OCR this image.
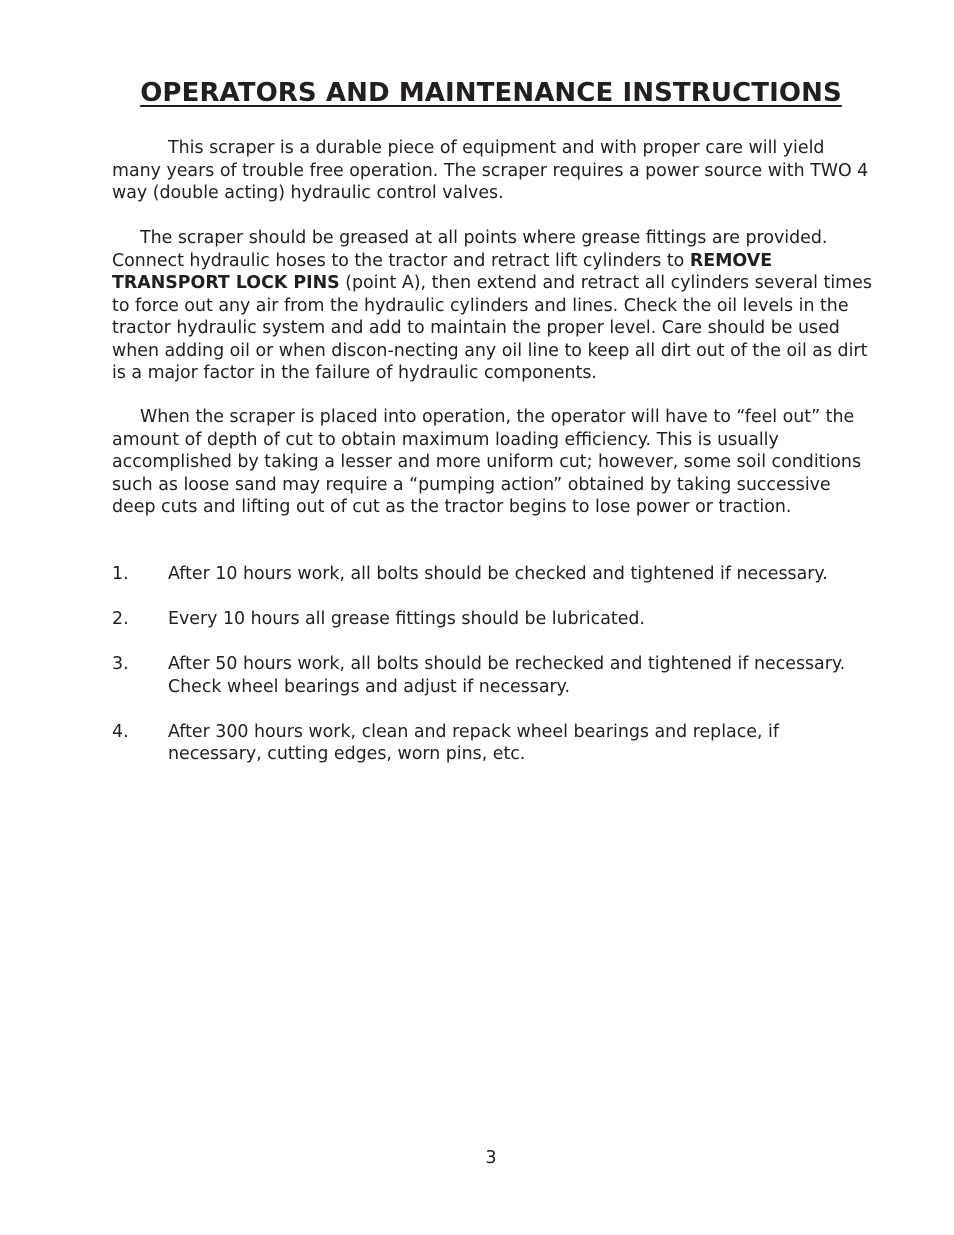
OPERATORS AND MAINTENANCE INSTRUCTIONS

This scraper is a durable piece of equipment and with proper care will yield many years of trouble free operation. The scraper requires a power source with TWO 4 way (double acting) hydraulic control valves.

The scraper should be greased at all points where grease fittings are provided. Connect hydraulic hoses to the tractor and retract lift cylinders to REMOVE TRANSPORT LOCK PINS (point A), then extend and retract all cylinders several times to force out any air from the hydraulic cylinders and lines. Check the oil levels in the tractor hydraulic system and add to maintain the proper level. Care should be used when adding oil or when discon-necting any oil line to keep all dirt out of the oil as dirt is a major factor in the failure of hydraulic components.

When the scraper is placed into operation, the operator will have to “feel out” the amount of depth of cut to obtain maximum loading efficiency. This is usually accomplished by taking a lesser and more uniform cut; however, some soil conditions such as loose sand may require a “pumping action” obtained by taking successive deep cuts and lifting out of cut as the tractor begins to lose power or traction.

1.	After 10 hours work, all bolts should be checked and tightened if necessary.
2.	Every 10 hours all grease fittings should be lubricated.
3.	After 50 hours work, all bolts should be rechecked and tightened if necessary. Check wheel bearings and adjust if necessary.
4.	After 300 hours work, clean and repack wheel bearings and replace, if necessary, cutting edges, worn pins, etc.
3
